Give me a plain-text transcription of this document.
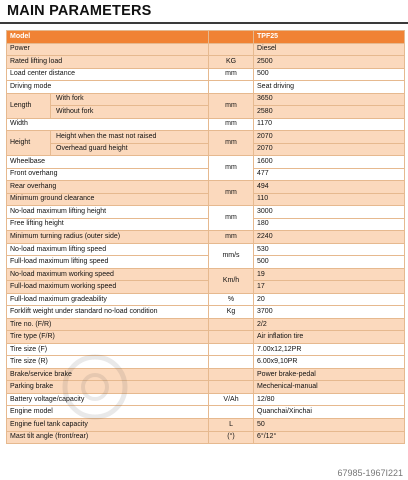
MAIN PARAMETERS
Model			TPF25
Power			Diesel
Rated lifting load		KG	2500
Load center distance		mm	500
Driving mode			Seat driving
Length	With fork	mm	3650
	Without fork		2580
Width		mm	1170
Height	Height when the mast not raised	mm	2070
	Overhead guard height		2070
Wheelbase		mm	1600
Front overhang			477
Rear overhang		mm	494
Minimum ground clearance			110
No-load maximum lifting height		mm	3000
Free lifting height			180
Minimum turning radius (outer side)		mm	2240
No-load maximum lifting speed		mm/s	530
Full-load maximum lifting speed			500
No-load maximum working speed		Km/h	19
Full-load maximum working speed			17
Full-load maximum gradeability		%	20
Forklift weight under standard no-load condition		Kg	3700
Tire no. (F/R)			2/2
Tire type (F/R)			Air inflation tire
Tire size (F)			7.00x12,12PR
Tire size (R)			6.00x9,10PR
Brake/service brake			Power brake-pedal
Parking brake			Mechenical-manual
Battery voltage/capacity		V/Ah	12/80
Engine model			Quanchai/Xinchai
Engine fuel tank capacity		L	50
Mast tilt angle (front/rear)		(°)	6°/12°
67985-1967I221
